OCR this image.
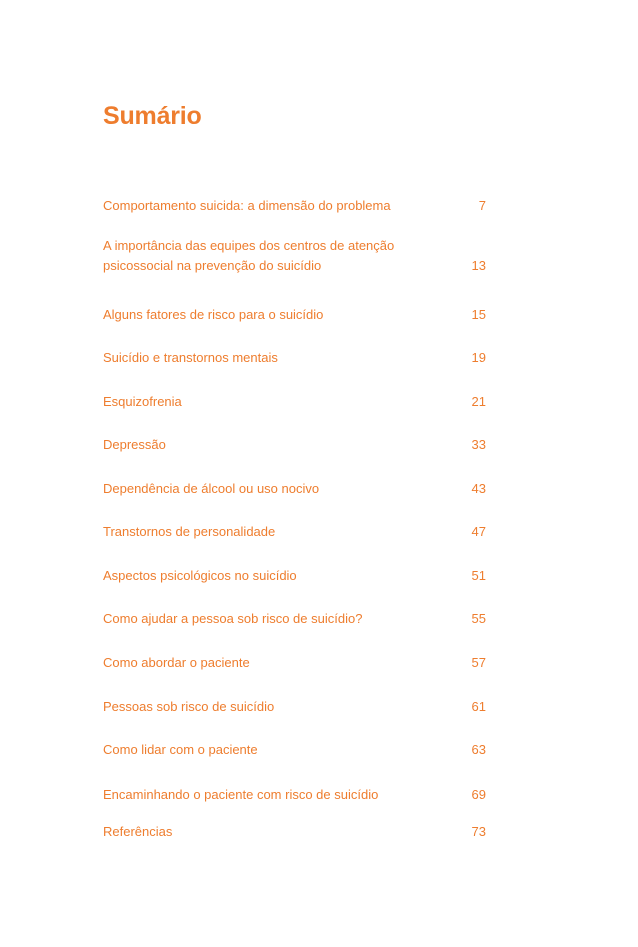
Sumário
Comportamento suicida: a dimensão do problema	7
A importância das equipes dos centros de atenção
psicossocial na prevenção do suicídio	13
Alguns fatores de risco para o suicídio	15
Suicídio e transtornos mentais	19
Esquizofrenia	21
Depressão	33
Dependência de álcool ou uso nocivo	43
Transtornos de personalidade	47
Aspectos psicológicos no suicídio	51
Como ajudar a pessoa sob risco de suicídio?	55
Como abordar o paciente	57
Pessoas sob risco de suicídio	61
Como lidar com o paciente	63
Encaminhando o paciente com risco de suicídio	69
Referências	73
